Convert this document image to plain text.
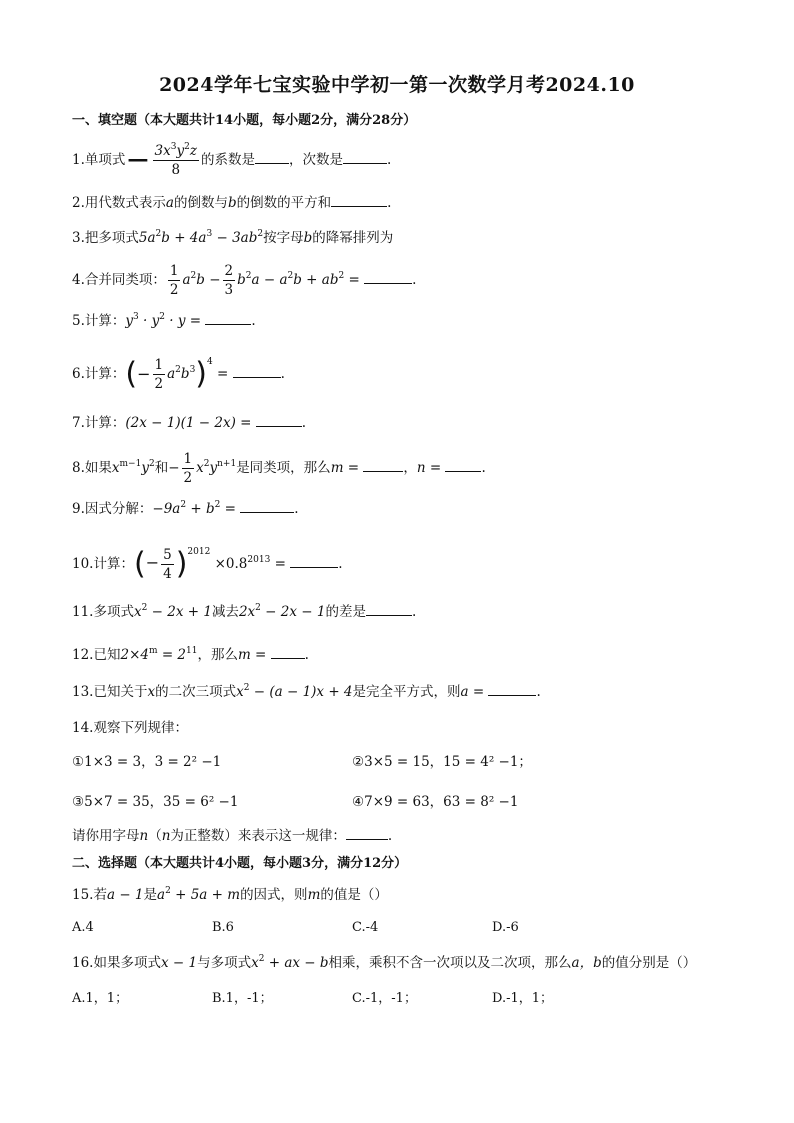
2024学年七宝实验中学初一第一次数学月考2024.10
一、填空题（本大题共计14小题，每小题2分，满分28分）
1.单项式− $\frac{3x^3y^2z}{8}$ 的系数是	，次数是	.
2.用代数式表示a的倒数与b的倒数的平方和	.
3.把多项式$5a^2b + 4a^3 - 3ab^2$按字母b的降幂排列为
4.合并同类项： $\frac{1}{2} a^2b - \frac{2}{3} b^2a - a^2b + ab^2$ =	.
5.计算：$y^3 \cdot y^2 \cdot y$ =	.
6.计算：(− $\frac{1}{2} a^2b^3)^4$ =	.
7.计算：(2x − 1)(1 − 2x) =	.
8.如果$x^{m-1}y^2$和− $\frac{1}{2} x^2y^{n+1}$是同类项，那么m =	，n =	.
9.因式分解：$-9a^2 + b^2$ =	.
10.计算：(− $\frac{5}{4} )^{2012} \times 0.8^{2013}$ =	.
11.多项式$x^2 - 2x + 1$减去$2x^2 - 2x - 1$的差是	.
12.已知$2\times 4^m = 2^{11}$，那么m =	.
13.已知关于x的二次三项式$x^2 - (a - 1)x + 4$是完全平方式，则a =	.
14.观察下列规律：
①1×3 = 3，3 = 2² −1	②3×5 = 15，15 = 4² −1；
③5×7 = 35，35 = 6² −1	④7×9 = 63，63 = 8² −1
请你用字母n（n为正整数）来表示这一规律：	.
二、选择题（本大题共计4小题，每小题3分，满分12分）
15.若a − 1是$a^2 + 5a + m$的因式，则m的值是（）
A.4	B.6	C.-4	D.-6
16.如果多项式x − 1与多项式$x^2$ + ax − b相乘，乘积不含一次项以及二次项，那么a，b的值分别是（）
A.1，1；	B.1，-1；	C.-1，-1；	D.-1，1；
